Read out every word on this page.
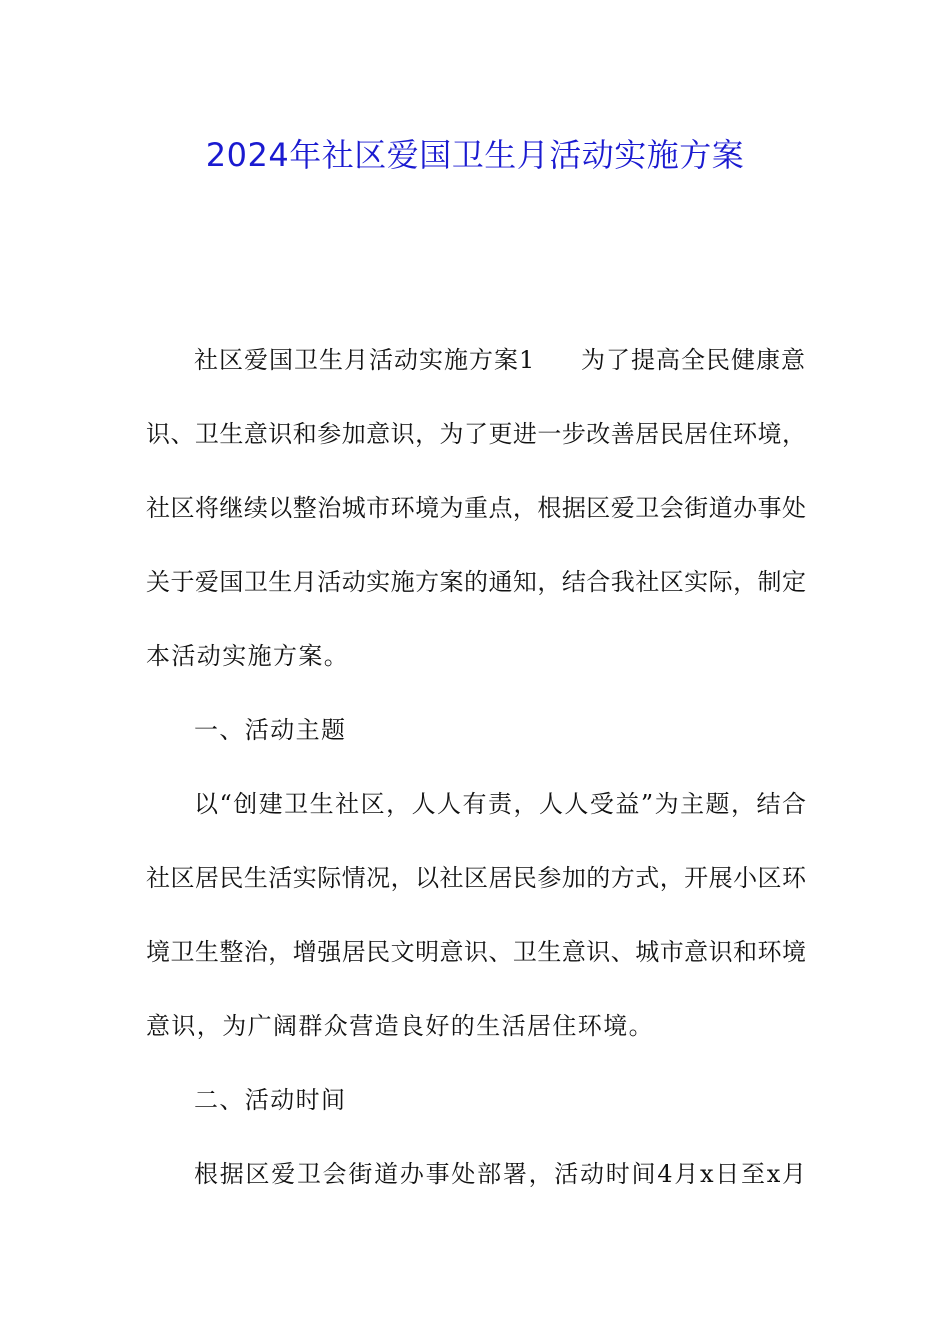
2024年社区爱国卫生月活动实施方案
社区爱国卫生月活动实施方案1 为了提高全民健康意
识、卫生意识和参加意识，为了更进一步改善居民居住环境，
社区将继续以整治城市环境为重点，根据区爱卫会街道办事处
关于爱国卫生月活动实施方案的通知，结合我社区实际，制定
本活动实施方案。
一、活动主题
以“创建卫生社区，人人有责，人人受益”为主题，结合
社区居民生活实际情况，以社区居民参加的方式，开展小区环
境卫生整治，增强居民文明意识、卫生意识、城市意识和环境
意识，为广阔群众营造良好的生活居住环境。
二、活动时间
根据区爱卫会街道办事处部署，活动时间4月x日至x月
